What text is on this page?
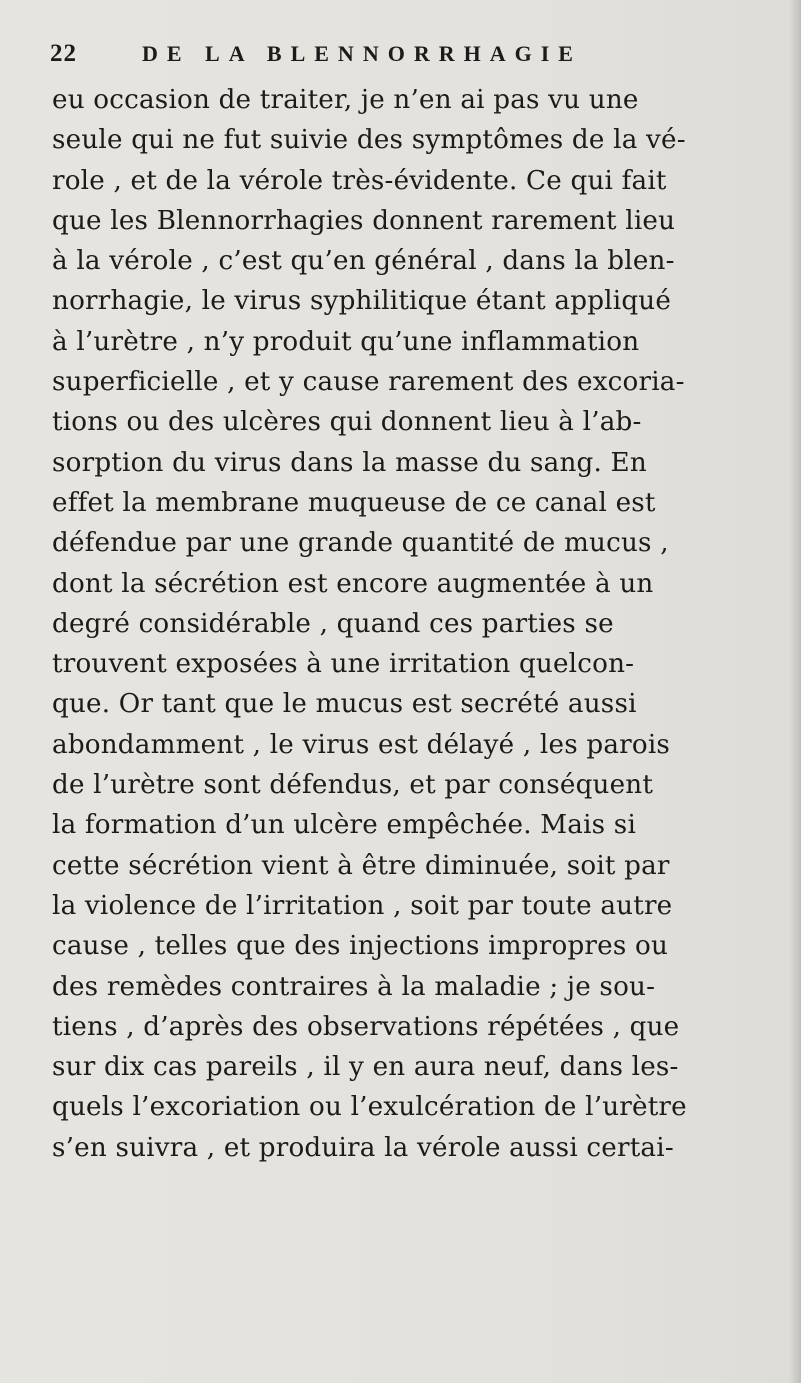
22	DE LA BLENNORRHAGIE
eu occasion de traiter, je n’en ai pas vu une
seule qui ne fut suivie des symptômes de la vé-
role , et de la vérole très-évidente. Ce qui fait
que les Blennorrhagies donnent rarement lieu
à la vérole , c’est qu’en général , dans la blen-
norrhagie, le virus syphilitique étant appliqué
à l’urètre , n’y produit qu’une inflammation
superficielle , et y cause rarement des excoria-
tions ou des ulcères qui donnent lieu à l’ab-
sorption du virus dans la masse du sang. En
effet la membrane muqueuse de ce canal est
défendue par une grande quantité de mucus ,
dont la sécrétion est encore augmentée à un
degré considérable , quand ces parties se
trouvent exposées à une irritation quelcon-
que. Or tant que le mucus est secrété aussi
abondamment , le virus est délayé , les parois
de l’urètre sont défendus, et par conséquent
la formation d’un ulcère empêchée. Mais si
cette sécrétion vient à être diminuée, soit par
la violence de l’irritation , soit par toute autre
cause , telles que des injections impropres ou
des remèdes contraires à la maladie ; je sou-
tiens , d’après des observations répétées , que
sur dix cas pareils , il y en aura neuf, dans les-
quels l’excoriation ou l’exulcération de l’urètre
s’en suivra , et produira la vérole aussi certai-
